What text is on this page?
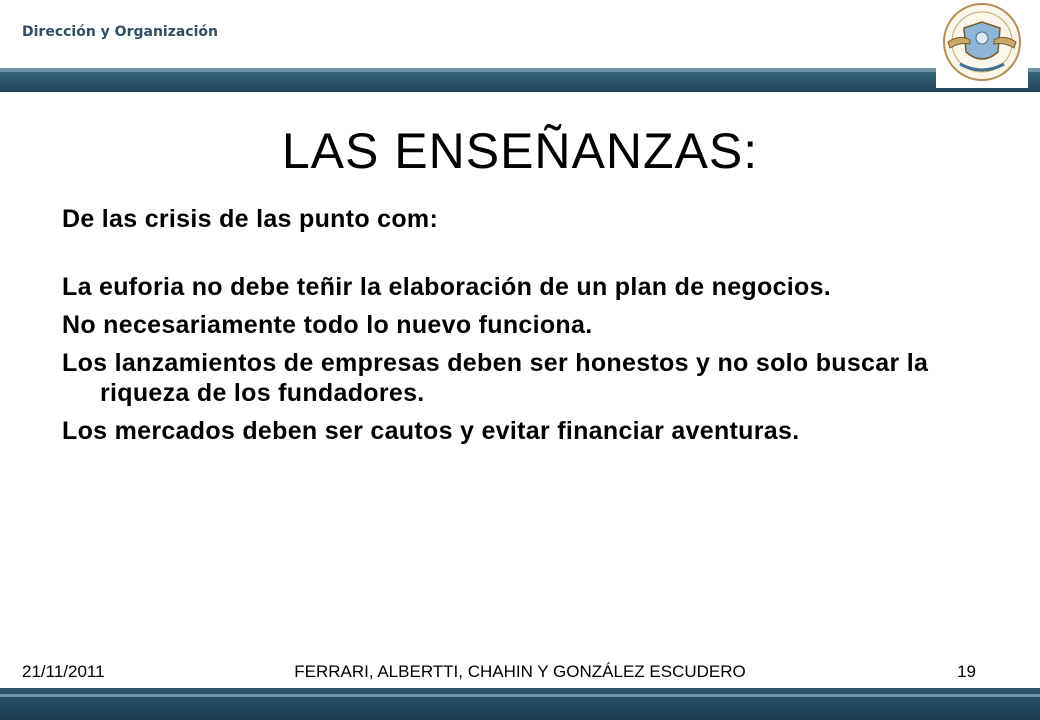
Dirección y Organización
LAS ENSEÑANZAS:

De las crisis de las punto com:

La euforia no debe teñir la elaboración de un plan de negocios.

No necesariamente todo lo nuevo funciona.

Los lanzamientos de empresas deben ser honestos y no solo buscar la riqueza de los fundadores.

Los mercados deben ser cautos y evitar financiar aventuras.

21/11/2011	FERRARI, ALBERTTI, CHAHIN Y GONZÁLEZ ESCUDERO	19
